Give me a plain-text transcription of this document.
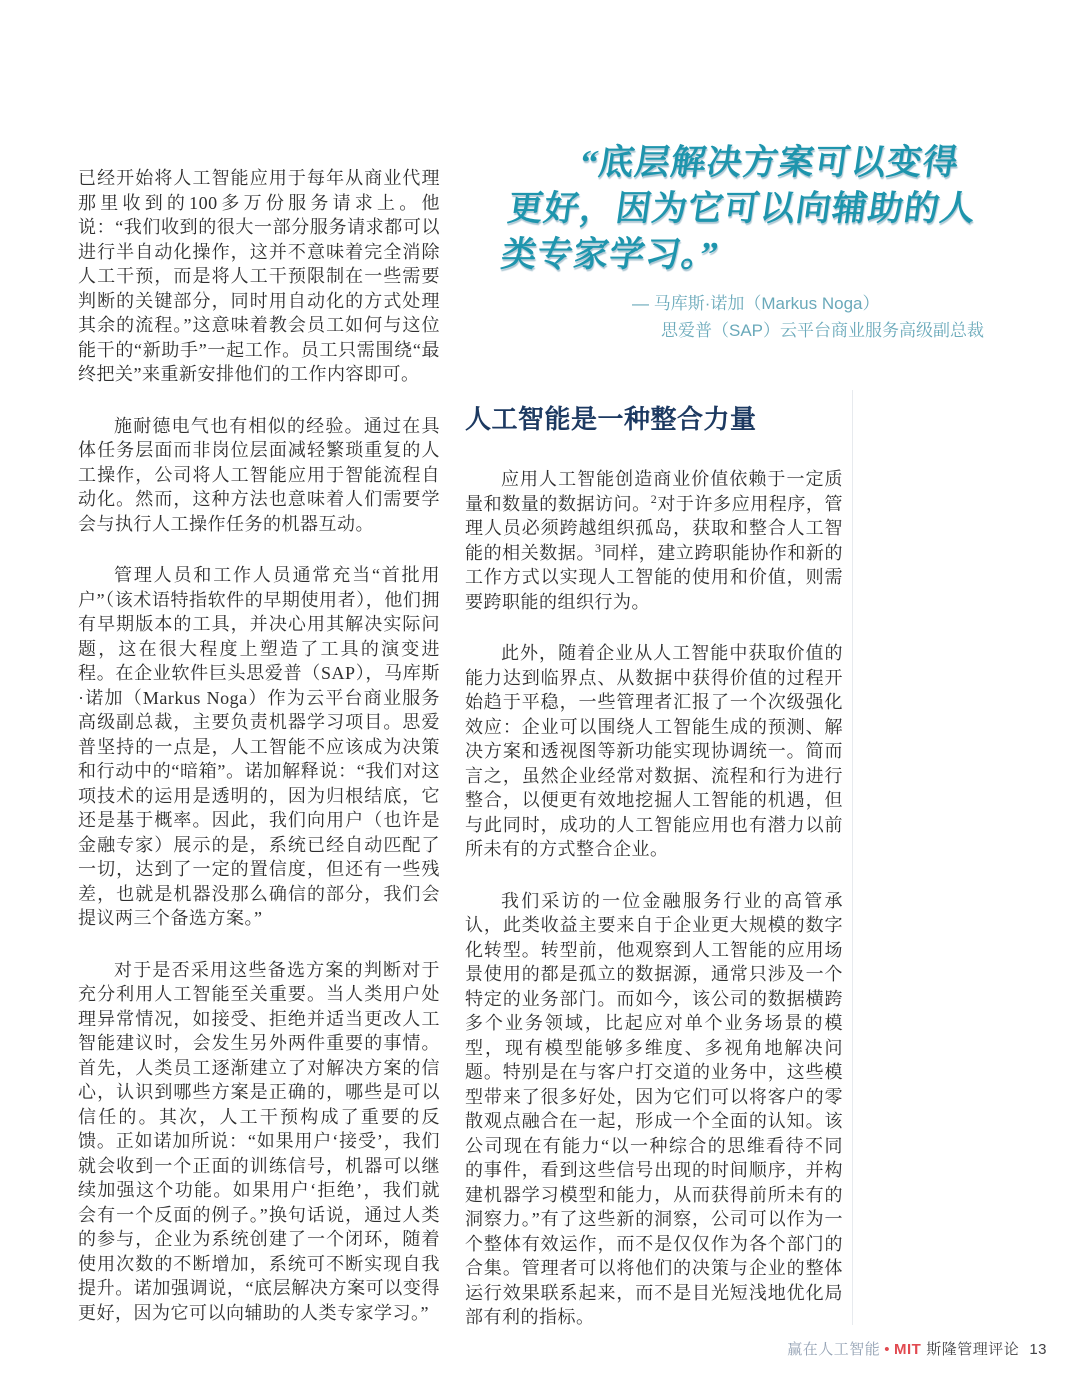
已经开始将人工智能应用于每年从商业代理那里收到的100多万份服务请求上。他说：“我们收到的很大一部分服务请求都可以进行半自动化操作，这并不意味着完全消除人工干预，而是将人工干预限制在一些需要判断的关键部分，同时用自动化的方式处理其余的流程。”这意味着教会员工如何与这位能干的“新助手”一起工作。员工只需围绕“最终把关”来重新安排他们的工作内容即可。

施耐德电气也有相似的经验。通过在具体任务层面而非岗位层面减轻繁琐重复的人工操作，公司将人工智能应用于智能流程自动化。然而，这种方法也意味着人们需要学会与执行人工操作任务的机器互动。

管理人员和工作人员通常充当“首批用户”（该术语特指软件的早期使用者），他们拥有早期版本的工具，并决心用其解决实际问题，这在很大程度上塑造了工具的演变进程。在企业软件巨头思爱普（SAP），马库斯·诺加（Markus Noga）作为云平台商业服务高级副总裁，主要负责机器学习项目。思爱普坚持的一点是，人工智能不应该成为决策和行动中的“暗箱”。诺加解释说：“我们对这项技术的运用是透明的，因为归根结底，它还是基于概率。因此，我们向用户（也许是金融专家）展示的是，系统已经自动匹配了一切，达到了一定的置信度，但还有一些残差，也就是机器没那么确信的部分，我们会提议两三个备选方案。”

对于是否采用这些备选方案的判断对于充分利用人工智能至关重要。当人类用户处理异常情况，如接受、拒绝并适当更改人工智能建议时，会发生另外两件重要的事情。首先，人类员工逐渐建立了对解决方案的信心，认识到哪些方案是正确的，哪些是可以信任的。其次，人工干预构成了重要的反馈。正如诺加所说：“如果用户‘接受’，我们就会收到一个正面的训练信号，机器可以继续加强这个功能。如果用户‘拒绝’，我们就会有一个反面的例子。”换句话说，通过人类的参与，企业为系统创建了一个闭环，随着使用次数的不断增加，系统可不断实现自我提升。诺加强调说，“底层解决方案可以变得更好，因为它可以向辅助的人类专家学习。”

“底层解决方案可以变得
更好，因为它可以向辅助的人
类专家学习。”
— 马库斯·诺加（Markus Noga）
思爱普（SAP）云平台商业服务高级副总裁
人工智能是一种整合力量

应用人工智能创造商业价值依赖于一定质量和数量的数据访问。$^2$对于许多应用程序，管理人员必须跨越组织孤岛，获取和整合人工智能的相关数据。$^3$同样，建立跨职能协作和新的工作方式以实现人工智能的使用和价值，则需要跨职能的组织行为。

此外，随着企业从人工智能中获取价值的能力达到临界点、从数据中获得价值的过程开始趋于平稳，一些管理者汇报了一个次级强化效应：企业可以围绕人工智能生成的预测、解决方案和透视图等新功能实现协调统一。简而言之，虽然企业经常对数据、流程和行为进行整合，以便更有效地挖掘人工智能的机遇，但与此同时，成功的人工智能应用也有潜力以前所未有的方式整合企业。

我们采访的一位金融服务行业的高管承认，此类收益主要来自于企业更大规模的数字化转型。转型前，他观察到人工智能的应用场景使用的都是孤立的数据源，通常只涉及一个特定的业务部门。而如今，该公司的数据横跨多个业务领域，比起应对单个业务场景的模型，现有模型能够多维度、多视角地解决问题。特别是在与客户打交道的业务中，这些模型带来了很多好处，因为它们可以将客户的零散观点融合在一起，形成一个全面的认知。该公司现在有能力“以一种综合的思维看待不同的事件，看到这些信号出现的时间顺序，并构建机器学习模型和能力，从而获得前所未有的洞察力。”有了这些新的洞察，公司可以作为一个整体有效运作，而不是仅仅作为各个部门的合集。管理者可以将他们的决策与企业的整体运行效果联系起来，而不是目光短浅地优化局部有利的指标。

赢在人工智能 • MIT 斯隆管理评论 13
